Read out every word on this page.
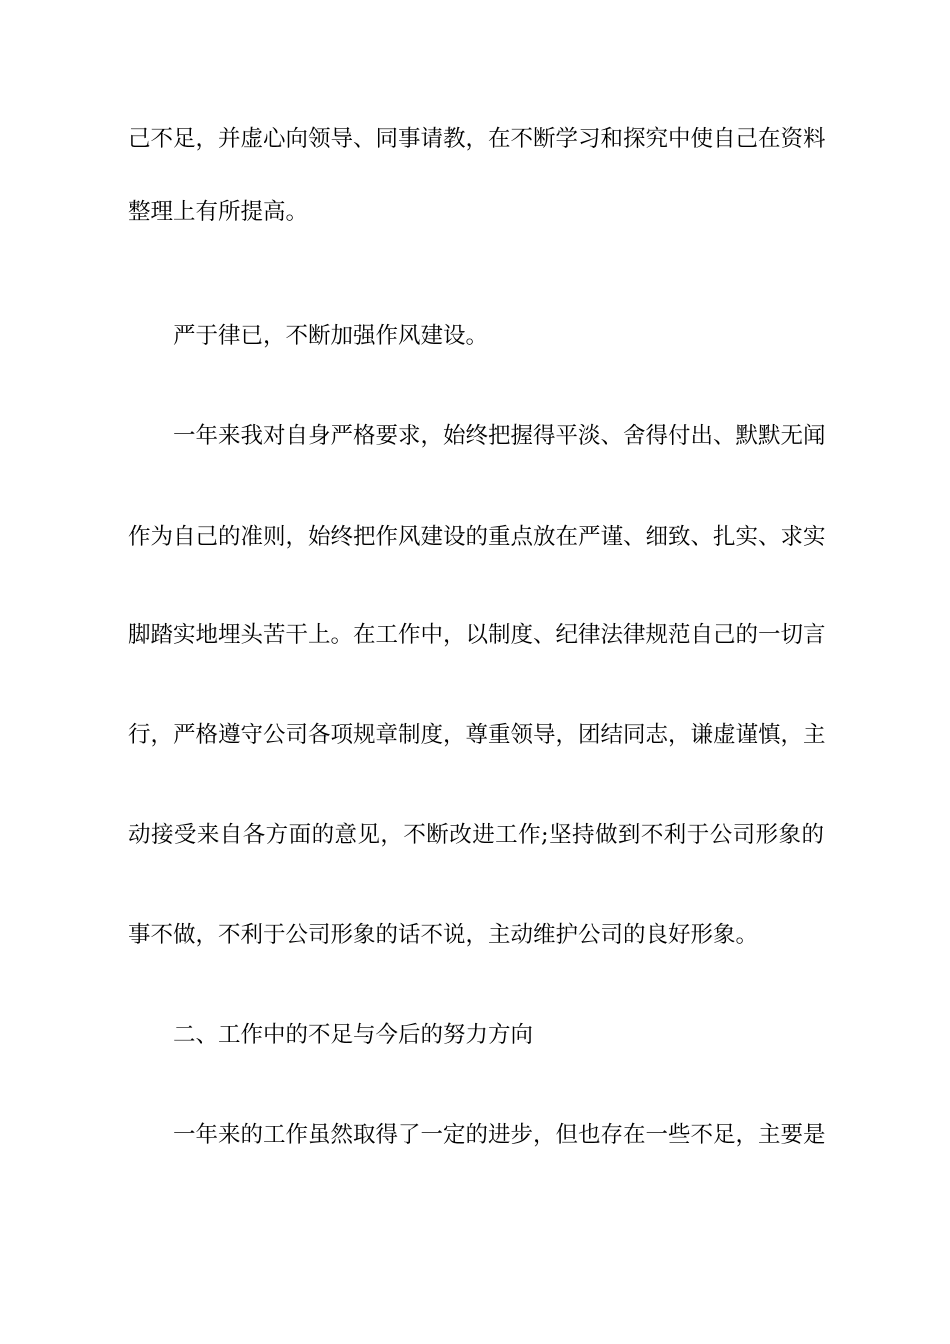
己不足，并虚心向领导、同事请教，在不断学习和探究中使自己在资料
整理上有所提高。
严于律已，不断加强作风建设。
一年来我对自身严格要求，始终把握得平淡、舍得付出、默默无闻
作为自己的准则，始终把作风建设的重点放在严谨、细致、扎实、求实
脚踏实地埋头苦干上。在工作中，以制度、纪律法律规范自己的一切言
行，严格遵守公司各项规章制度，尊重领导，团结同志，谦虚谨慎，主
动接受来自各方面的意见，不断改进工作;坚持做到不利于公司形象的
事不做，不利于公司形象的话不说，主动维护公司的良好形象。
二、工作中的不足与今后的努力方向
一年来的工作虽然取得了一定的进步，但也存在一些不足，主要是
